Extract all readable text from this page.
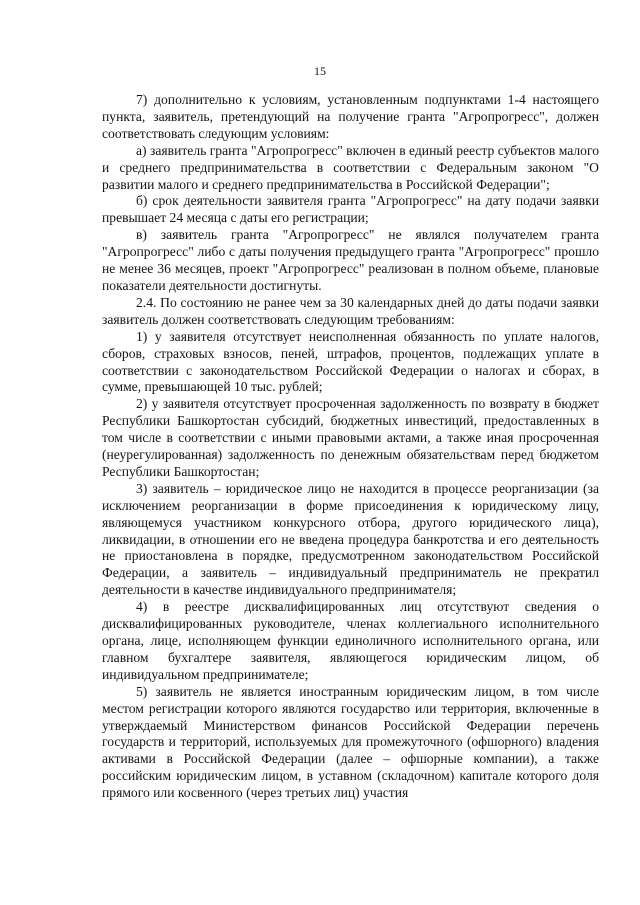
15

7) дополнительно к условиям, установленным подпунктами 1-4 настоящего пункта, заявитель, претендующий на получение гранта "Агропрогресс", должен соответствовать следующим условиям:

а) заявитель гранта "Агропрогресс" включен в единый реестр субъектов малого и среднего предпринимательства в соответствии с Федеральным законом "О развитии малого и среднего предпринимательства в Российской Федерации";

б) срок деятельности заявителя гранта "Агропрогресс" на дату подачи заявки превышает 24 месяца с даты его регистрации;

в) заявитель гранта "Агропрогресс" не являлся получателем гранта "Агропрогресс" либо с даты получения предыдущего гранта "Агропрогресс" прошло не менее 36 месяцев, проект "Агропрогресс" реализован в полном объеме, плановые показатели деятельности достигнуты.

2.4. По состоянию не ранее чем за 30 календарных дней до даты подачи заявки заявитель должен соответствовать следующим требованиям:

1) у заявителя отсутствует неисполненная обязанность по уплате налогов, сборов, страховых взносов, пеней, штрафов, процентов, подлежащих уплате в соответствии с законодательством Российской Федерации о налогах и сборах, в сумме, превышающей 10 тыс. рублей;

2) у заявителя отсутствует просроченная задолженность по возврату в бюджет Республики Башкортостан субсидий, бюджетных инвестиций, предоставленных в том числе в соответствии с иными правовыми актами, а также иная просроченная (неурегулированная) задолженность по денежным обязательствам перед бюджетом Республики Башкортостан;

3) заявитель – юридическое лицо не находится в процессе реорганизации (за исключением реорганизации в форме присоединения к юридическому лицу, являющемуся участником конкурсного отбора, другого юридического лица), ликвидации, в отношении его не введена процедура банкротства и его деятельность не приостановлена в порядке, предусмотренном законодательством Российской Федерации, а заявитель – индивидуальный предприниматель не прекратил деятельности в качестве индивидуального предпринимателя;

4) в реестре дисквалифицированных лиц отсутствуют сведения о дисквалифицированных руководителе, членах коллегиального исполнительного органа, лице, исполняющем функции единоличного исполнительного органа, или главном бухгалтере заявителя, являющегося юридическим лицом, об индивидуальном предпринимателе;

5) заявитель не является иностранным юридическим лицом, в том числе местом регистрации которого являются государство или территория, включенные в утверждаемый Министерством финансов Российской Федерации перечень государств и территорий, используемых для промежуточного (офшорного) владения активами в Российской Федерации (далее – офшорные компании), а также российским юридическим лицом, в уставном (складочном) капитале которого доля прямого или косвенного (через третьих лиц) участия
